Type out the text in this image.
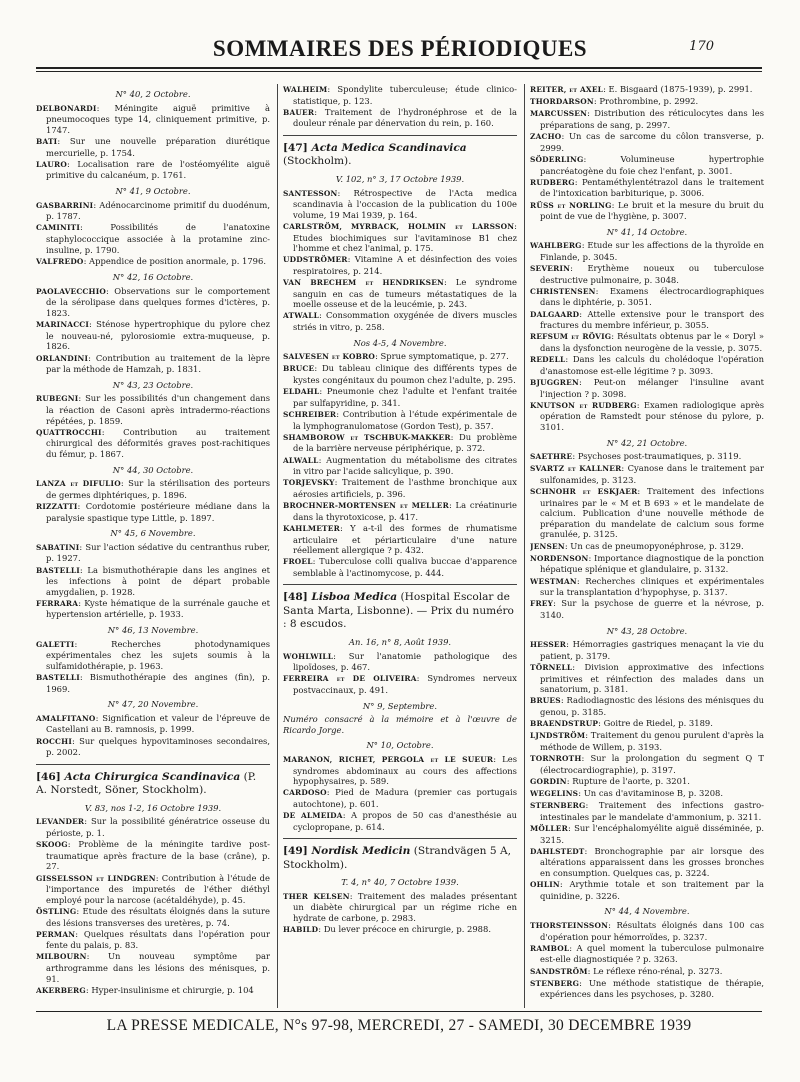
SOMMAIRES DES PÉRIODIQUES	170
N° 40, 2 Octobre.
DELBONARDI: Méningite aiguë primitive à pneumocoques type 14, cliniquement primitive, p. 1747.
BATI: Sur une nouvelle préparation diurétique mercurielle, p. 1754.
LAURO: Localisation rare de l'ostéomyélite aiguë primitive du calcanéum, p. 1761.
N° 41, 9 Octobre.
GASBARRINI: Adénocarcinome primitif du duodénum, p. 1787.
CAMINITI: Possibilités de l'anatoxine staphylococcique associée à la protamine zinc-insuline, p. 1790.
VALFREDO: Appendice de position anormale, p. 1796.
N° 42, 16 Octobre.
PAOLAVECCHIO: Observations sur le comportement de la sérolipase dans quelques formes d'ictères, p. 1823.
MARINACCI: Sténose hypertrophique du pylore chez le nouveau-né, pylorosiomie extra-muqueuse, p. 1826.
ORLANDINI: Contribution au traitement de la lèpre par la méthode de Hamzah, p. 1831.
N° 43, 23 Octobre.
RUBEGNI: Sur les possibilités d'un changement dans la réaction de Casoni après intradermo-réactions répétées, p. 1859.
QUATTROCCHI: Contribution au traitement chirurgical des déformités graves post-rachitiques du fémur, p. 1867.
N° 44, 30 Octobre.
LANZA et DIFULIO: Sur la stérilisation des porteurs de germes diphtériques, p. 1896.
RIZZATTI: Cordotomie postérieure médiane dans la paralysie spastique type Little, p. 1897.
N° 45, 6 Novembre.
SABATINI: Sur l'action sédative du centranthus ruber, p. 1927.
BASTELLI: La bismuthothérapie dans les angines et les infections à point de départ probable amygdalien, p. 1928.
FERRARA: Kyste hématique de la surrénale gauche et hypertension artérielle, p. 1933.
N° 46, 13 Novembre.
GALETTI: Recherches photodynamiques expérimentales chez les sujets soumis à la sulfamidothérapie, p. 1963.
BASTELLI: Bismuthothérapie des angines (fin), p. 1969.
N° 47, 20 Novembre.
AMALFITANO: Signification et valeur de l'épreuve de Castellani au B. ramnosis, p. 1999.
ROCCHI: Sur quelques hypovitaminoses secondaires, p. 2002.
[46] Acta Chirurgica Scandinavica (P. A. Norstedt, Söner, Stockholm).
V. 83, nos 1-2, 16 Octobre 1939.
LEVANDER: Sur la possibilité génératrice osseuse du périoste, p. 1.
SKOOG: Problème de la méningite tardive post-traumatique après fracture de la base (crâne), p. 27.
GISSELSSON et LINDGREN: Contribution à l'étude de l'importance des impuretés de l'éther diéthyl employé pour la narcose (acétaldéhyde), p. 45.
ÖSTLING: Etude des résultats éloignés dans la suture des lésions transverses des uretères, p. 74.
PERMAN: Quelques résultats dans l'opération pour fente du palais, p. 83.
MILBOURN: Un nouveau symptôme par arthrogramme dans les lésions des ménisques, p. 91.
AKERBERG: Hyper-insulinisme et chirurgie, p. 104
WALHEIM: Spondylite tuberculeuse; étude clinico-statistique, p. 123.
BAUER: Traitement de l'hydronéphrose et de la douleur rénale par dénervation du rein, p. 160.
[47] Acta Medica Scandinavica (Stockholm).
V. 102, n° 3, 17 Octobre 1939.
SANTESSON: Rétrospective de l'Acta medica scandinavia à l'occasion de la publication du 100e volume, 19 Mai 1939, p. 164.
CARLSTRÖM, MYRBACK, HOLMIN et LARSSON: Etudes biochimiques sur l'avitaminose B1 chez l'homme et chez l'animal, p. 175.
UDDSTRÖMER: Vitamine A et désinfection des voies respiratoires, p. 214.
VAN BRECHEM et HENDRIKSEN: Le syndrome sanguin en cas de tumeurs métastatiques de la moelle osseuse et de la leucémie, p. 243.
ATWALL: Consommation oxygénée de divers muscles striés in vitro, p. 258.
Nos 4-5, 4 Novembre.
SALVESEN et KOBRO: Sprue symptomatique, p. 277.
BRUCE: Du tableau clinique des différents types de kystes congénitaux du poumon chez l'adulte, p. 295.
ELDAHL: Pneumonie chez l'adulte et l'enfant traitée par sulfapyridine, p. 341.
SCHREIBER: Contribution à l'étude expérimentale de la lymphogranulomatose (Gordon Test), p. 357.
SHAMBOROW et TSCHBUK-MAKKER: Du problème de la barrière nerveuse périphérique, p. 372.
ALWALL: Augmentation du métabolisme des citrates in vitro par l'acide salicylique, p. 390.
TORJEVSKY: Traitement de l'asthme bronchique aux aérosies artificiels, p. 396.
BROCHNER-MORTENSEN et MELLER: La créatinurie dans la thyrotoxicose, p. 417.
KAHLMETER: Y a-t-il des formes de rhumatisme articulaire et périarticulaire d'une nature réellement allergique ? p. 432.
FROEL: Tuberculose colli qualiva buccae d'apparence semblable à l'actinomycose, p. 444.
[48] Lisboa Medica (Hospital Escolar de Santa Marta, Lisbonne). — Prix du numéro : 8 escudos.
An. 16, n° 8, Août 1939.
WOHLWILL: Sur l'anatomie pathologique des lipoïdoses, p. 467.
FERREIRA et DE OLIVEIRA: Syndromes nerveux postvaccinaux, p. 491.
N° 9, Septembre.
Numéro consacré à la mémoire et à l'œuvre de Ricardo Jorge.
N° 10, Octobre.
MARANON, RICHET, PERGOLA et LE SUEUR: Les syndromes abdominaux au cours des affections hypophysaires, p. 589.
CARDOSO: Pied de Madura (premier cas portugais autochtone), p. 601.
DE ALMEIDA: A propos de 50 cas d'anesthésie au cyclopropane, p. 614.
[49] Nordisk Medicin (Strandvägen 5 A, Stockholm).
T. 4, n° 40, 7 Octobre 1939.
THER KELSEN: Traitement des malades présentant un diabète chirurgical par un régime riche en hydrate de carbone, p. 2983.
HABILD: Du lever précoce en chirurgie, p. 2988.
REITER, et AXEL: E. Bisgaard (1875-1939), p. 2991.
THORDARSON: Prothrombine, p. 2992.
MARCUSSEN: Distribution des réticulocytes dans les préparations de sang, p. 2997.
ZACHO: Un cas de sarcome du côlon transverse, p. 2999.
SÖDERLING: Volumineuse hypertrophie pancréatogène du foie chez l'enfant, p. 3001.
RUDBERG: Pentaméthylentétrazol dans le traitement de l'intoxication barbiturique, p. 3006.
RÜSS et NORLING: Le bruit et la mesure du bruit du point de vue de l'hygiène, p. 3007.
N° 41, 14 Octobre.
WAHLBERG: Etude sur les affections de la thyroïde en Finlande, p. 3045.
SEVERIN: Erythème noueux ou tuberculose destructive pulmonaire, p. 3048.
CHRISTENSEN: Examens électrocardiographiques dans le diphtérie, p. 3051.
DALGAARD: Attelle extensive pour le transport des fractures du membre inférieur, p. 3055.
REFSUM et RÖVIG: Résultats obtenus par le « Doryl » dans la dysfonction neurogène de la vessie, p. 3075.
REDELL: Dans les calculs du cholédoque l'opération d'anastomose est-elle légitime ? p. 3093.
BJUGGREN: Peut-on mélanger l'insuline avant l'injection ? p. 3098.
KNUTSON et RUDBERG: Examen radiologique après opération de Ramstedt pour sténose du pylore, p. 3101.
N° 42, 21 Octobre.
SAETHRE: Psychoses post-traumatiques, p. 3119.
SVARTZ et KALLNER: Cyanose dans le traitement par sulfonamides, p. 3123.
SCHNOHR et ESKJAER: Traitement des infections urinaires par le « M et B 693 » et le mandelate de calcium. Publication d'une nouvelle méthode de préparation du mandelate de calcium sous forme granulée, p. 3125.
JENSEN: Un cas de pneumopyonéphrose, p. 3129.
NORDENSON: Importance diagnostique de la ponction hépatique splénique et glandulaire, p. 3132.
WESTMAN: Recherches cliniques et expérimentales sur la transplantation d'hypophyse, p. 3137.
FREY: Sur la psychose de guerre et la névrose, p. 3140.
N° 43, 28 Octobre.
HESSER: Hémorragies gastriques menaçant la vie du patient, p. 3179.
TÖRNELL: Division approximative des infections primitives et réinfection des malades dans un sanatorium, p. 3181.
BRUES: Radiodiagnostic des lésions des ménisques du genou, p. 3185.
BRAENDSTRUP: Goitre de Riedel, p. 3189.
LJNDSTRÖM: Traitement du genou purulent d'après la méthode de Willem, p. 3193.
TORNROTH: Sur la prolongation du segment Q T (électrocardiographie), p. 3197.
GORDIN: Rupture de l'aorte, p. 3201.
WEGELINS: Un cas d'avitaminose B, p. 3208.
STERNBERG: Traitement des infections gastro-intestinales par le mandelate d'ammonium, p. 3211.
MÖLLER: Sur l'encéphalomyélite aiguë disséminée, p. 3215.
DAHLSTEDT: Bronchographie par air lorsque des altérations apparaissent dans les grosses bronches en consumption. Quelques cas, p. 3224.
OHLIN: Arythmie totale et son traitement par la quinidine, p. 3226.
N° 44, 4 Novembre.
THORSTEINSSON: Résultats éloignés dans 100 cas d'opération pour hémorroïdes, p. 3237.
RAMBOL: A quel moment la tuberculose pulmonaire est-elle diagnostiquée ? p. 3263.
SANDSTRÖM: Le réflexe réno-rénal, p. 3273.
STENBERG: Une méthode statistique de thérapie, expériences dans les psychoses, p. 3280.
LA PRESSE MEDICALE, N°s 97-98, MERCREDI, 27 - SAMEDI, 30 DECEMBRE 1939
